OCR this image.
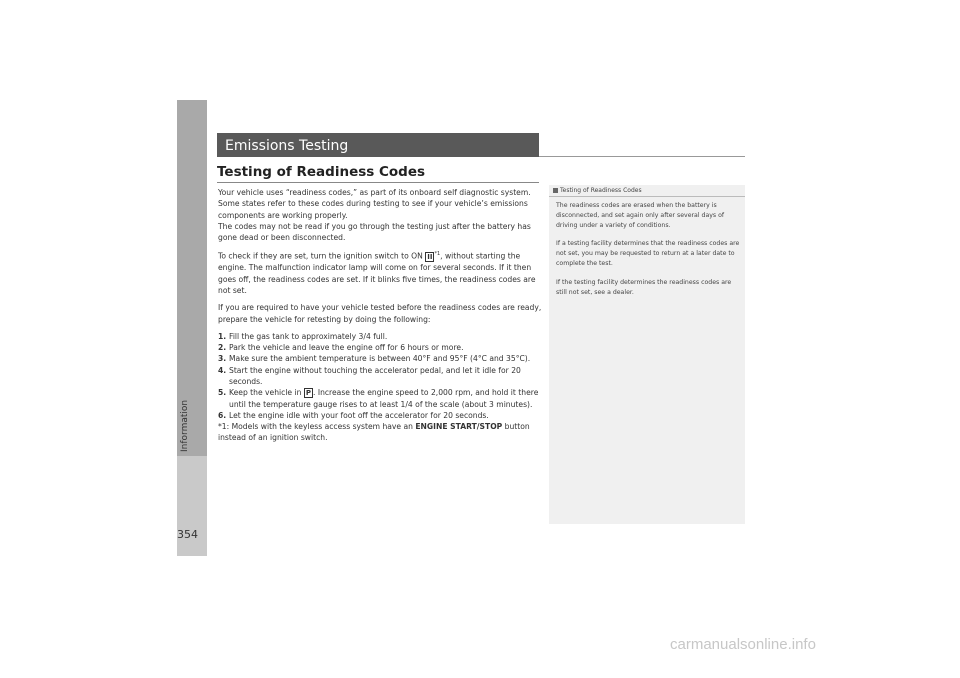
Information
354
Emissions Testing
Testing of Readiness Codes

Your vehicle uses “readiness codes,” as part of its onboard self diagnostic system. Some states refer to these codes during testing to see if your vehicle’s emissions components are working properly.

The codes may not be read if you go through the testing just after the battery has gone dead or been disconnected.

To check if they are set, turn the ignition switch to ON II $^{*1}$, without starting the engine. The malfunction indicator lamp will come on for several seconds. If it then goes off, the readiness codes are set. If it blinks five times, the readiness codes are not set.

If you are required to have your vehicle tested before the readiness codes are ready, prepare the vehicle for retesting by doing the following:

1. Fill the gas tank to approximately 3/4 full.
2. Park the vehicle and leave the engine off for 6 hours or more.
3. Make sure the ambient temperature is between 40°F and 95°F (4°C and 35°C).
4. Start the engine without touching the accelerator pedal, and let it idle for 20 seconds.
5. Keep the vehicle in P . Increase the engine speed to 2,000 rpm, and hold it there until the temperature gauge rises to at least 1/4 of the scale (about 3 minutes).
6. Let the engine idle with your foot off the accelerator for 20 seconds.

*1: Models with the keyless access system have an ENGINE START/STOP button instead of an ignition switch.

Testing of Readiness Codes

The readiness codes are erased when the battery is disconnected, and set again only after several days of driving under a variety of conditions.

If a testing facility determines that the readiness codes are not set, you may be requested to return at a later date to complete the test.

If the testing facility determines the readiness codes are still not set, see a dealer.

carmanualsonline.info
